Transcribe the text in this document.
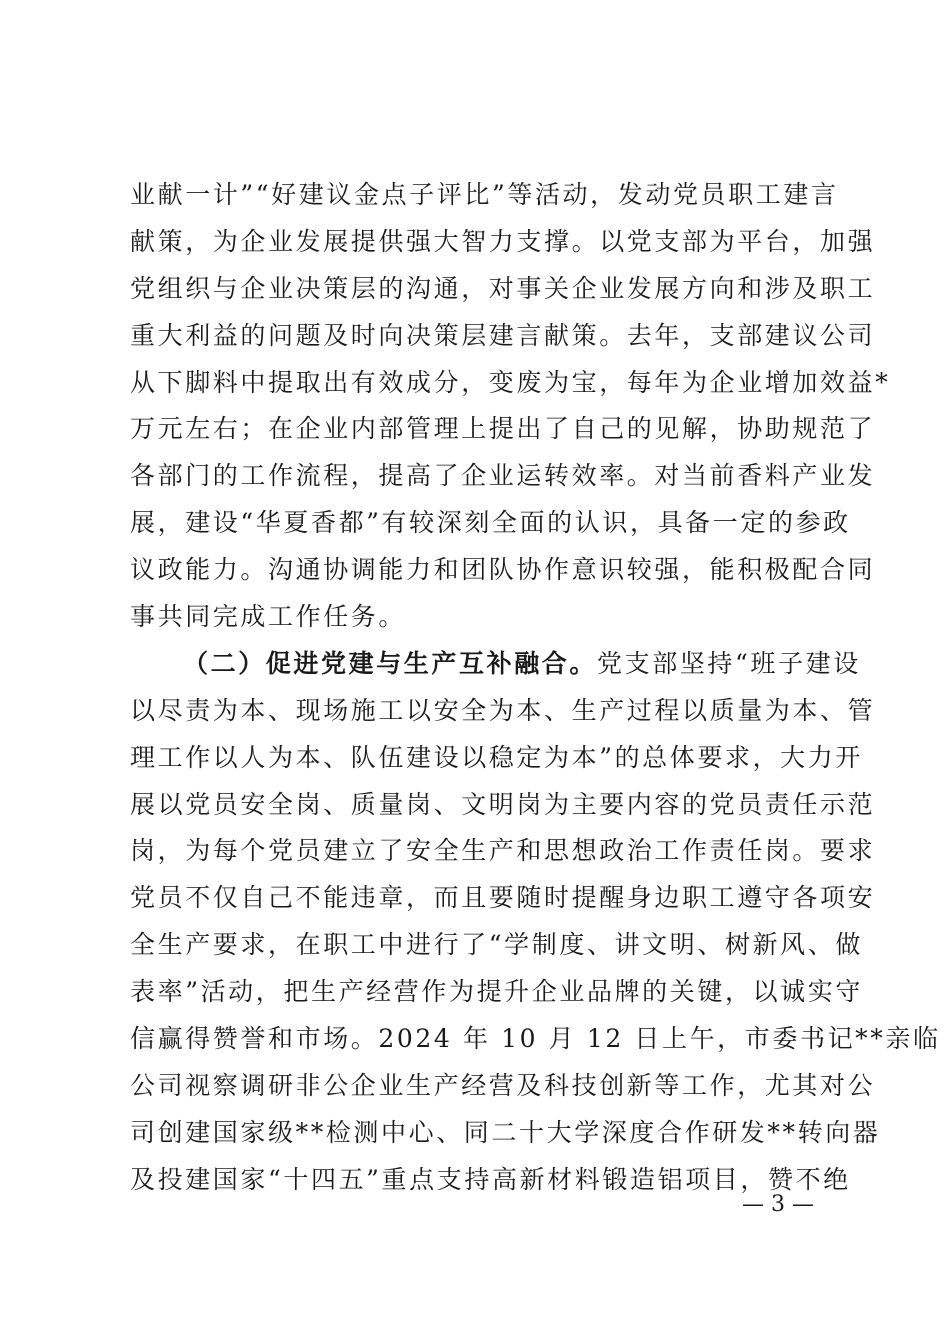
业献一计”“好建议金点子评比”等活动，发动党员职工建言
献策，为企业发展提供强大智力支撑。以党支部为平台，加强
党组织与企业决策层的沟通，对事关企业发展方向和涉及职工
重大利益的问题及时向决策层建言献策。去年，支部建议公司
从下脚料中提取出有效成分，变废为宝，每年为企业增加效益*
万元左右；在企业内部管理上提出了自己的见解，协助规范了
各部门的工作流程，提高了企业运转效率。对当前香料产业发
展，建设“华夏香都”有较深刻全面的认识，具备一定的参政
议政能力。沟通协调能力和团队协作意识较强，能积极配合同
事共同完成工作任务。
（二）促进党建与生产互补融合。党支部坚持“班子建设
以尽责为本、现场施工以安全为本、生产过程以质量为本、管
理工作以人为本、队伍建设以稳定为本”的总体要求，大力开
展以党员安全岗、质量岗、文明岗为主要内容的党员责任示范
岗，为每个党员建立了安全生产和思想政治工作责任岗。要求
党员不仅自己不能违章，而且要随时提醒身边职工遵守各项安
全生产要求，在职工中进行了“学制度、讲文明、树新风、做
表率”活动，把生产经营作为提升企业品牌的关键，以诚实守
信赢得赞誉和市场。2024 年 10 月 12 日上午，市委书记**亲临
公司视察调研非公企业生产经营及科技创新等工作，尤其对公
司创建国家级**检测中心、同二十大学深度合作研发**转向器
及投建国家“十四五”重点支持高新材料锻造铝项目，赞不绝
— 3 —
